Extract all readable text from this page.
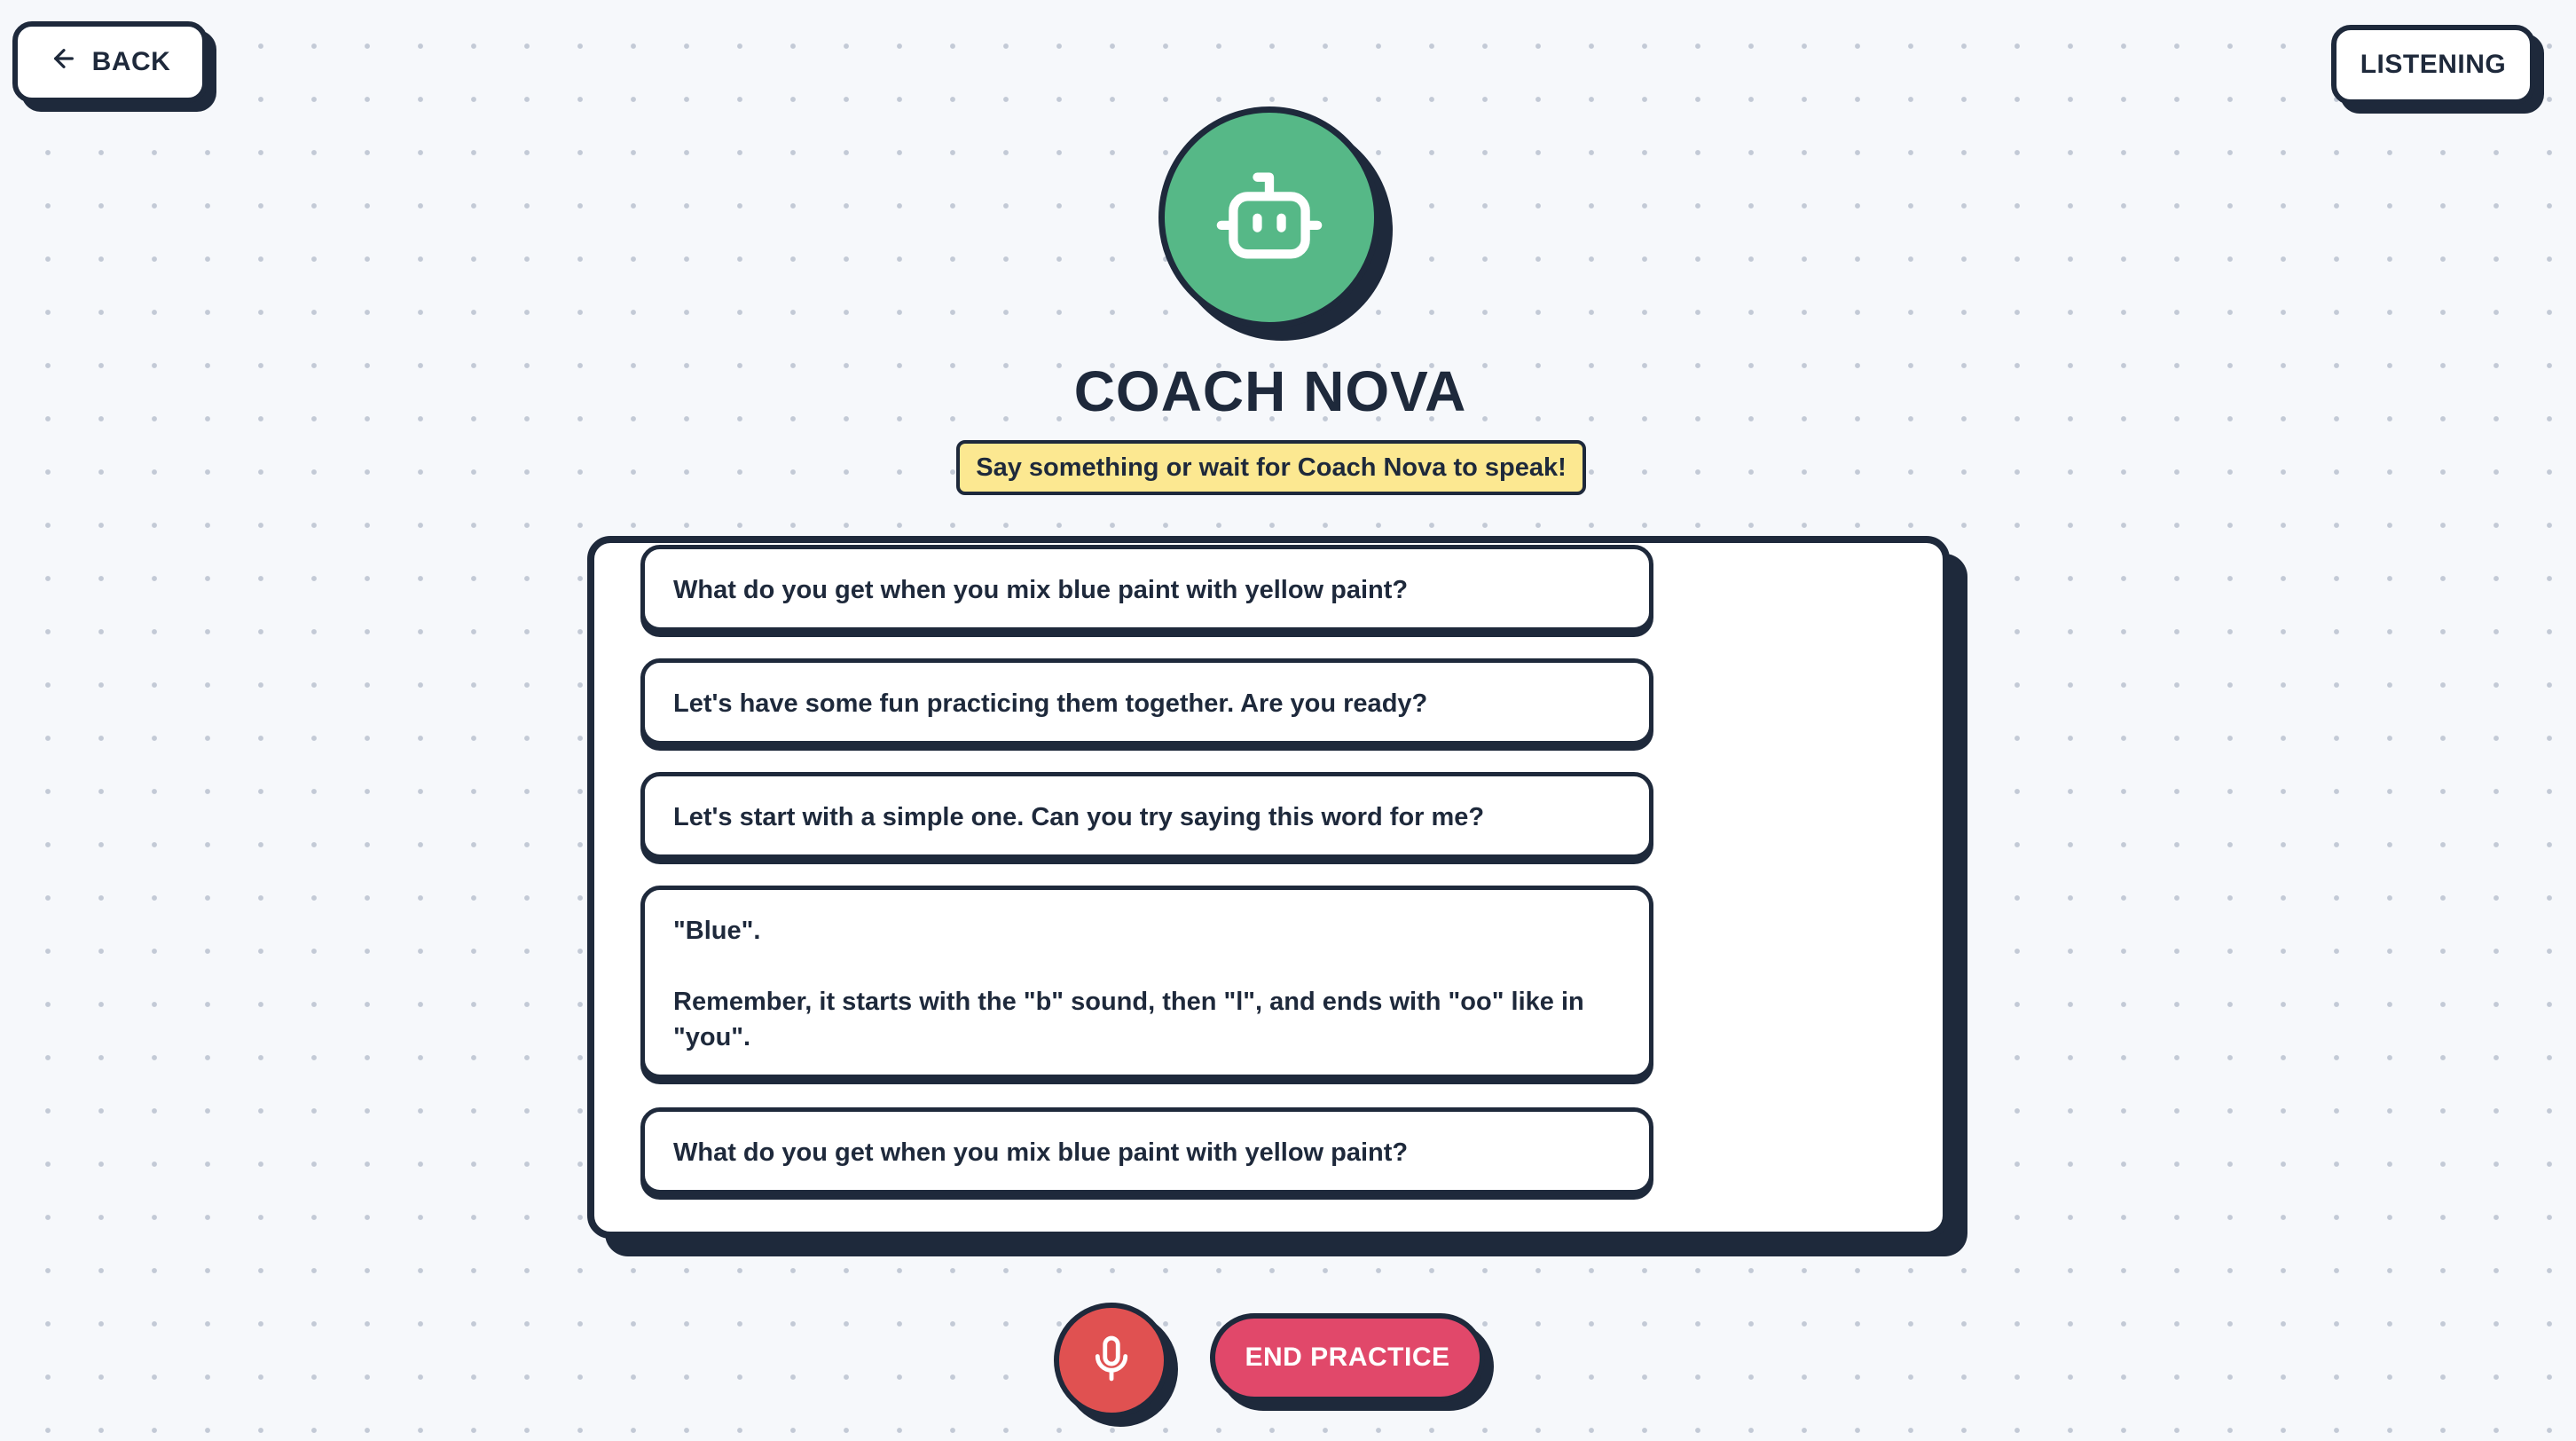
BACK	LISTENING
COACH NOVA
Say something or wait for Coach Nova to speak!
What do you get when you mix blue paint with yellow paint?
Let's have some fun practicing them together. Are you ready?
Let's start with a simple one. Can you try saying this word for me?
"Blue".
Remember, it starts with the "b" sound, then "l", and ends with "oo" like in "you".
What do you get when you mix blue paint with yellow paint?
END PRACTICE
